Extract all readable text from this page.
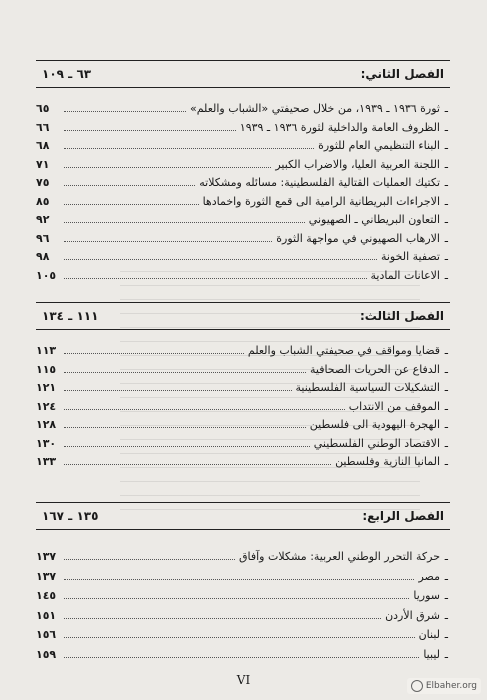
الفصل الثاني:
٦٣ ـ ١٠٩
ـ
ثورة ١٩٣٦ ـ ١٩٣٩، من خلال صحيفتي «الشباب والعلم»
٦٥
ـ
الظروف العامة والداخلية لثورة ١٩٣٦ ـ ١٩٣٩
٦٦
ـ
البناء التنظيمي العام للثورة
٦٨
ـ
اللجنة العربية العليا، والاضراب الكبير
٧١
ـ
تكتيك العمليات القتالية الفلسطينية: مسائله ومشكلاته
٧٥
ـ
الاجراءات البريطانية الرامية الى قمع الثورة واخمادها
٨٥
ـ
التعاون البريطاني ـ الصهيوني
٩٢
ـ
الارهاب الصهيوني في مواجهة الثورة
٩٦
ـ
تصفية الخونة
٩٨
ـ
الاعانات المادية
١٠٥
الفصل الثالث:
١١١ ـ ١٣٤
ـ
قضايا ومواقف في صحيفتي الشباب والعلم
١١٣
ـ
الدفاع عن الحريات الصحافية
١١٥
ـ
التشكيلات السياسية الفلسطينية
١٢١
ـ
الموقف من الانتداب
١٢٤
ـ
الهجرة اليهودية الى فلسطين
١٢٨
ـ
الاقتصاد الوطني الفلسطيني
١٣٠
ـ
المانيا النازية وفلسطين
١٣٣
الفصل الرابع:
١٣٥ ـ ١٦٧
ـ
حركة التحرر الوطني العربية: مشكلات وآفاق
١٣٧
ـ
مصر
١٣٧
ـ
سوريا
١٤٥
ـ
شرق الأردن
١٥١
ـ
لبنان
١٥٦
ـ
ليبيا
١٥٩
VI	Elbaher.org
